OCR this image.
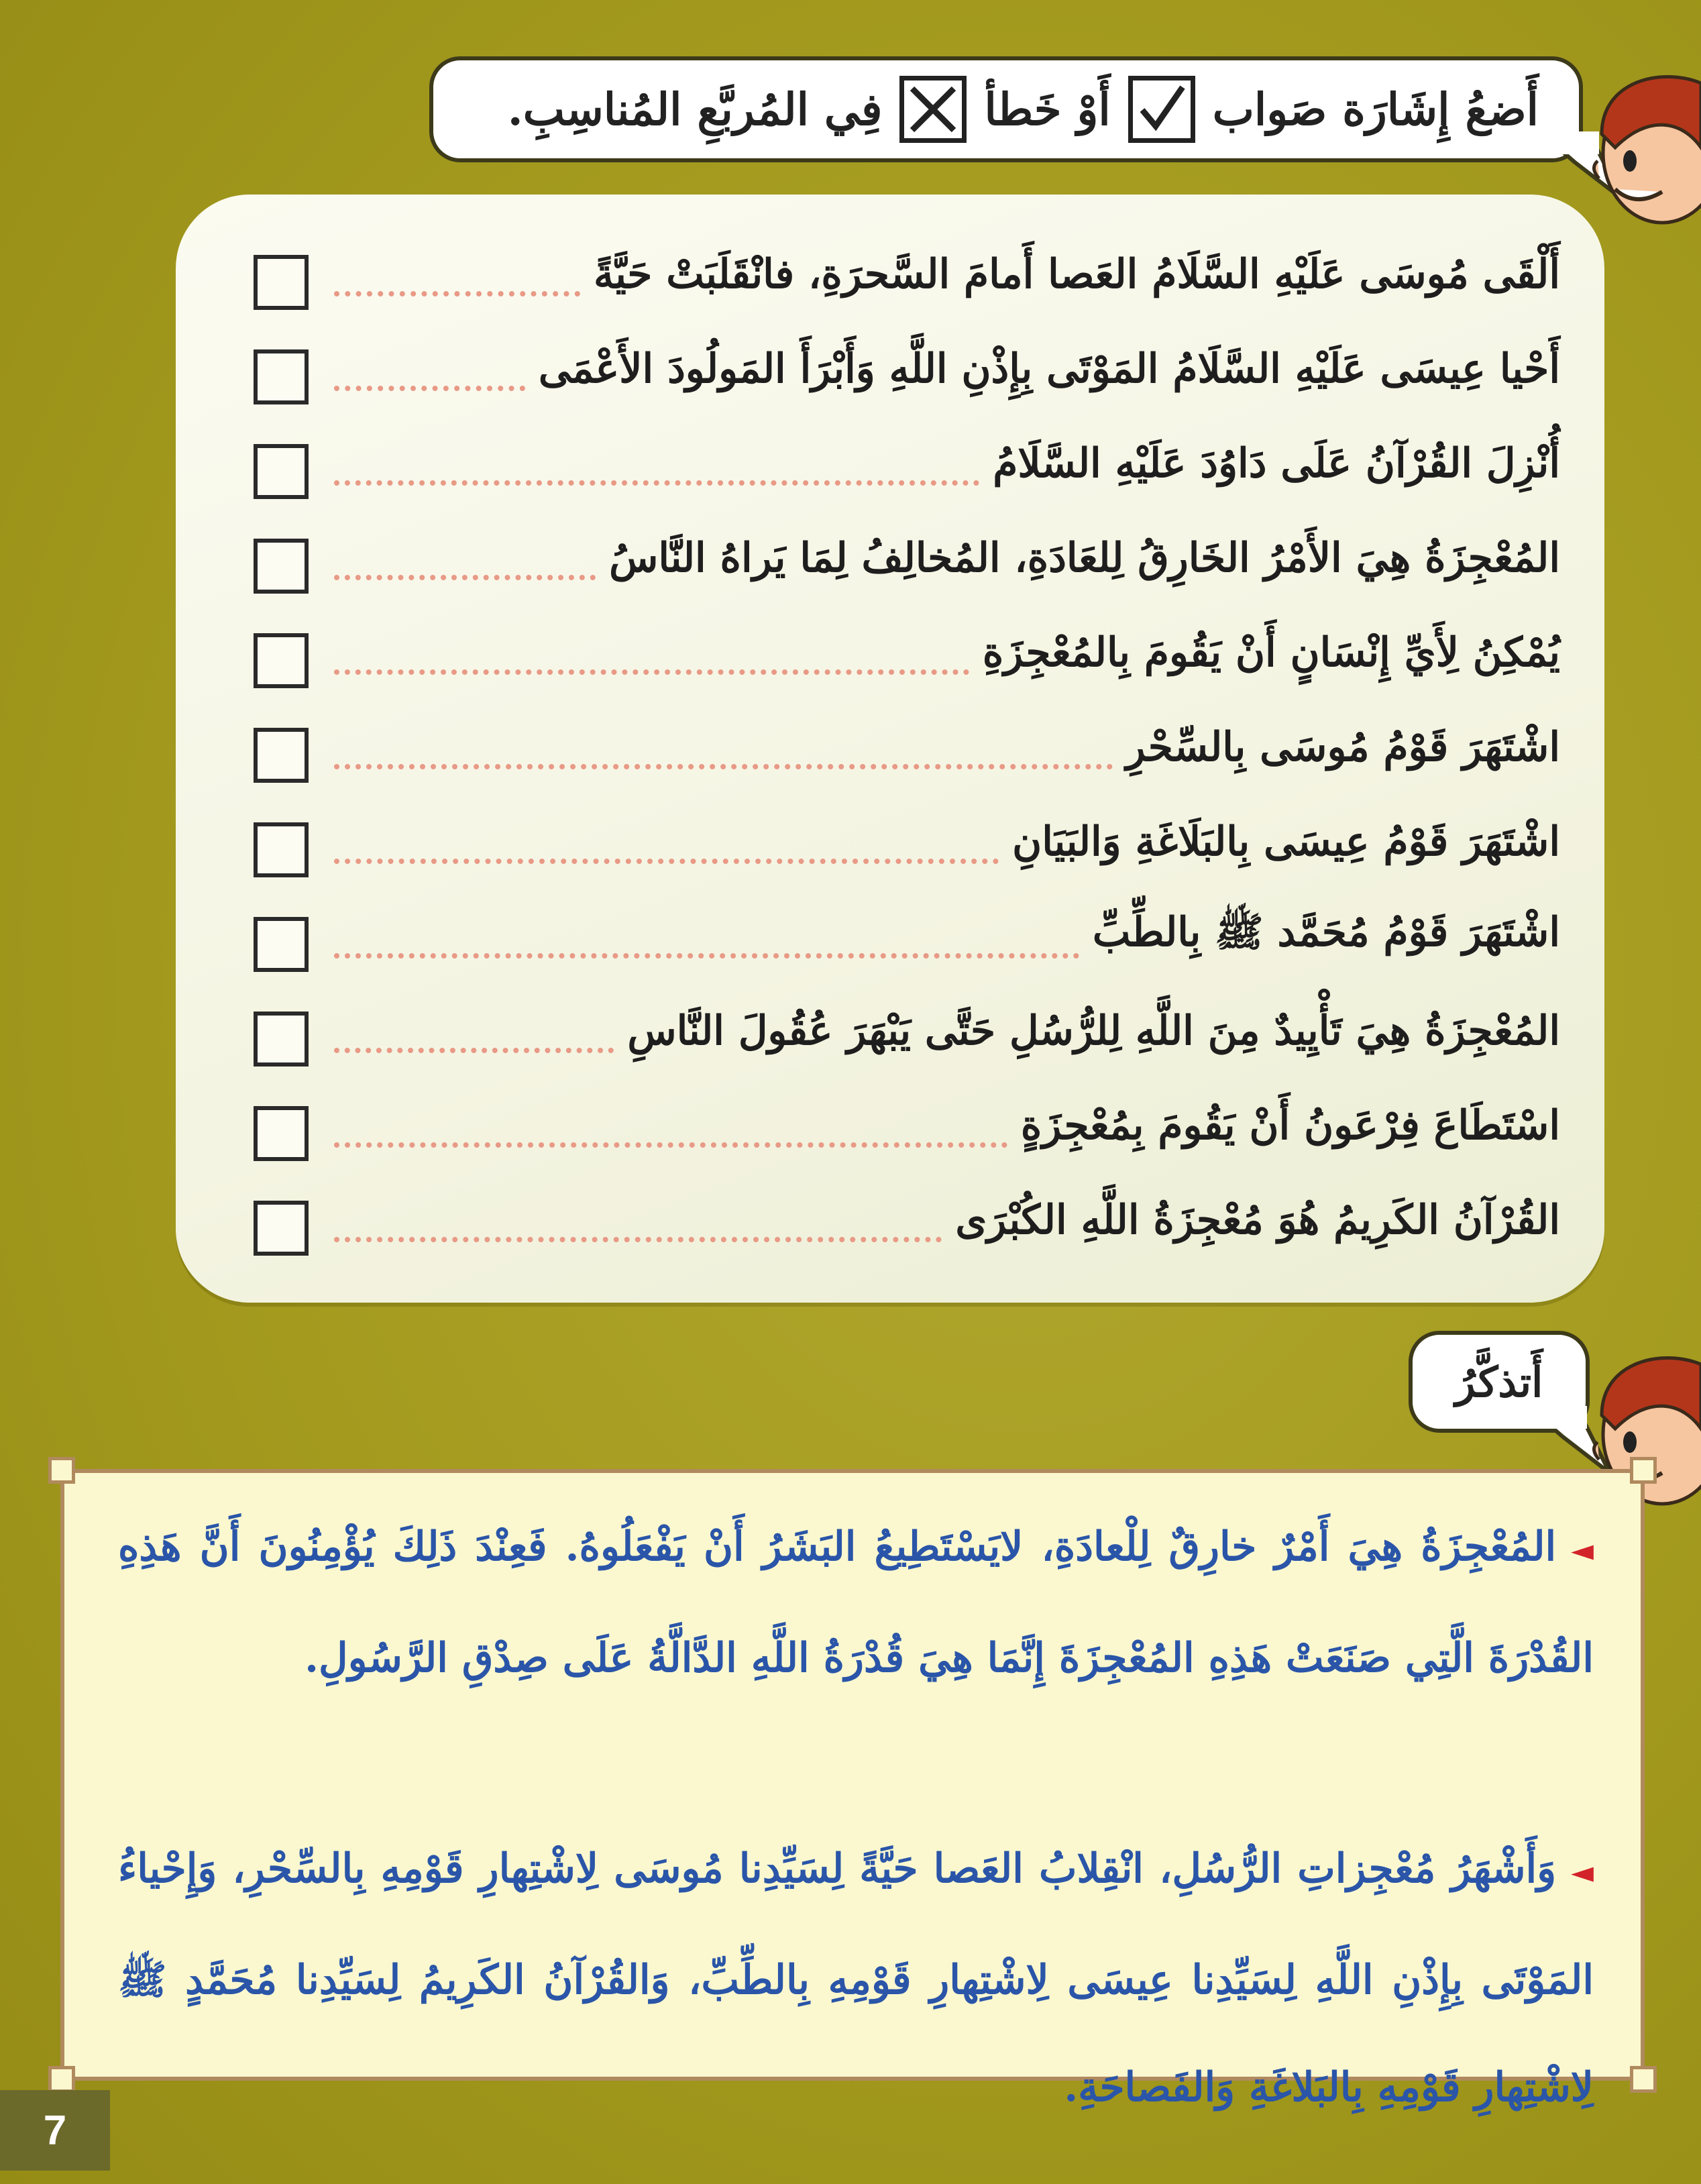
أَضعُ إِشَارَة صَواب
أَوْ خَطأ
فِي المُربَّعِ المُناسِبِ.
أَلْقَى مُوسَى عَلَيْهِ السَّلَامُ العَصا أَمامَ السَّحرَةِ، فانْقَلَبَتْ حَيَّةً
أَحْيا عِيسَى عَلَيْهِ السَّلَامُ المَوْتَى بِإِذْنِ اللَّهِ وَأَبْرَأَ المَولُودَ الأَعْمَى
أُنْزِلَ القُرْآنُ عَلَى دَاوُدَ عَلَيْهِ السَّلَامُ
المُعْجِزَةُ هِيَ الأَمْرُ الخَارِقُ لِلعَادَةِ، المُخالِفُ لِمَا يَراهُ النَّاسُ
يُمْكِنُ لِأَيِّ إِنْسَانٍ أَنْ يَقُومَ بِالمُعْجِزَةِ
اشْتَهَرَ قَوْمُ مُوسَى بِالسِّحْرِ
اشْتَهَرَ قَوْمُ عِيسَى بِالبَلَاغَةِ وَالبَيَانِ
اشْتَهَرَ قَوْمُ مُحَمَّد ﷺ بِالطِّبِّ
المُعْجِزَةُ هِيَ تَأْيِيدٌ مِنَ اللَّهِ لِلرُّسُلِ حَتَّى يَبْهَرَ عُقُولَ النَّاسِ
اسْتَطَاعَ فِرْعَونُ أَنْ يَقُومَ بِمُعْجِزَةٍ
القُرْآنُ الكَرِيمُ هُوَ مُعْجِزَةُ اللَّهِ الكُبْرَى
أَتذكَّرُ
◄المُعْجِزَةُ هِيَ أَمْرٌ خارِقٌ لِلْعادَةِ، لايَسْتَطِيعُ البَشَرُ أَنْ يَفْعَلُوهُ. فَعِنْدَ ذَلِكَ يُؤْمِنُونَ أَنَّ هَذِهِ القُدْرَةَ الَّتِي صَنَعَتْ هَذِهِ المُعْجِزَةَ إِنَّمَا هِيَ قُدْرَةُ اللَّهِ الدَّالَّةُ عَلَى صِدْقِ الرَّسُولِ.
◄وَأَشْهَرُ مُعْجِزاتِ الرُّسُلِ، انْقِلابُ العَصا حَيَّةً لِسَيِّدِنا مُوسَى لِاشْتِهارِ قَوْمِهِ بِالسِّحْرِ، وَإِحْياءُ المَوْتَى بِإِذْنِ اللَّهِ لِسَيِّدِنا عِيسَى لِاشْتِهارِ قَوْمِهِ بِالطِّبِّ، وَالقُرْآنُ الكَرِيمُ لِسَيِّدِنا مُحَمَّدٍ ﷺ لِاشْتِهارِ قَوْمِهِ بِالبَلاغَةِ وَالفَصاحَةِ.
7
